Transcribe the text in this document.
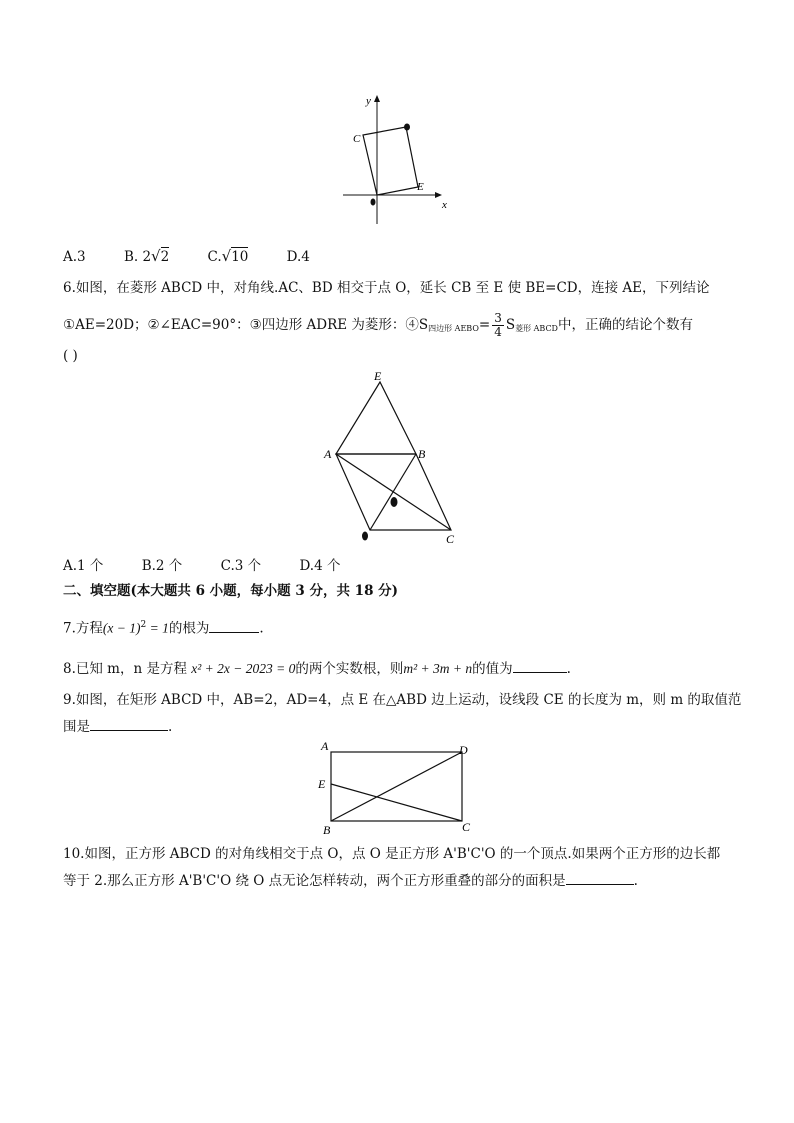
y
x
C
E
A.3	B. 2√2	C.√10	D.4
6.如图，在菱形 ABCD 中，对角线.AC、BD 相交于点 O，延长 CB 至 E 使 BE=CD，连接 AE，下列结论
①AE=20D；②∠EAC=90°：③四边形 ADRE 为菱形：$④S_{四边形 AEBO}= \frac{3}{4} S_{菱形 ABCD}$中，正确的结论个数有
( )
E
A	B
C
A.1 个	B.2 个	C.3 个	D.4 个
二、填空题(本大题共 6 小题，每小题 3 分，共 18 分)
7.方程$(x - 1)^2 = 1$的根为	.
8.已知 m，n 是方程 x² + 2x − 2023 = 0的两个实数根，则m² + 3m + n的值为	.
9.如图，在矩形 ABCD 中，AB=2，AD=4，点 E 在△ABD 边上运动，设线段 CE 的长度为 m，则 m 的取值范
围是	.
A	D
E
B	C
10.如图，正方形 ABCD 的对角线相交于点 O，点 O 是正方形 A'B'C'O 的一个顶点.如果两个正方形的边长都
等于 2.那么正方形 A'B'C'O 绕 O 点无论怎样转动，两个正方形重叠的部分的面积是	.
